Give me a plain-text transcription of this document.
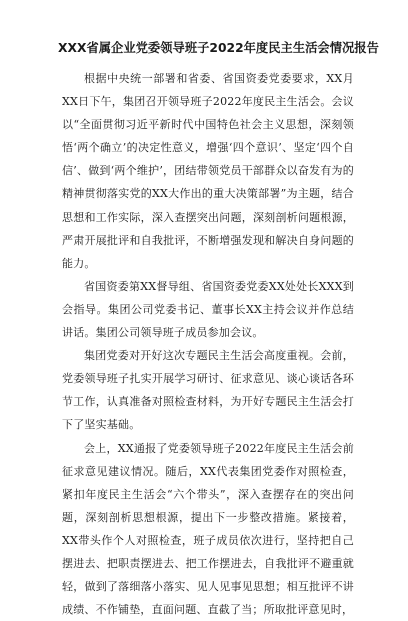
XXX省属企业党委领导班子2022年度民主生活会情况报告

根据中央统一部署和省委、省国资委党委要求，XX月XX日下午，集团召开领导班子2022年度民主生活会。会议以“全面贯彻习近平新时代中国特色社会主义思想，深刻领悟‘两个确立’的决定性意义，增强‘四个意识’、坚定‘四个自信’、做到‘两个维护’，团结带领党员干部群众以奋发有为的精神贯彻落实党的XX大作出的重大决策部署”为主题，结合思想和工作实际，深入查摆突出问题，深刻剖析问题根源，严肃开展批评和自我批评，不断增强发现和解决自身问题的能力。

省国资委第XX督导组、省国资委党委XX处处长XXX到会指导。集团公司党委书记、董事长XX主持会议并作总结讲话。集团公司领导班子成员参加会议。

集团党委对开好这次专题民主生活会高度重视。会前，党委领导班子扎实开展学习研讨、征求意见、谈心谈话各环节工作，认真准备对照检查材料，为开好专题民主生活会打下了坚实基础。

会上，XX通报了党委领导班子2022年度民主生活会前征求意见建议情况。随后，XX代表集团党委作对照检查，紧扣年度民主生活会“六个带头”，深入查摆存在的突出问题，深刻剖析思想根源，提出下一步整改措施。紧接着，XX带头作个人对照检查，班子成员依次进行，坚持把自己摆进去、把职责摆进去、把工作摆进去，自我批评不避重就轻，做到了落细落小落实、见人见事见思想；相互批评不讲成绩、不作铺垫，直面问题、直截了当；所取批评意见时，
